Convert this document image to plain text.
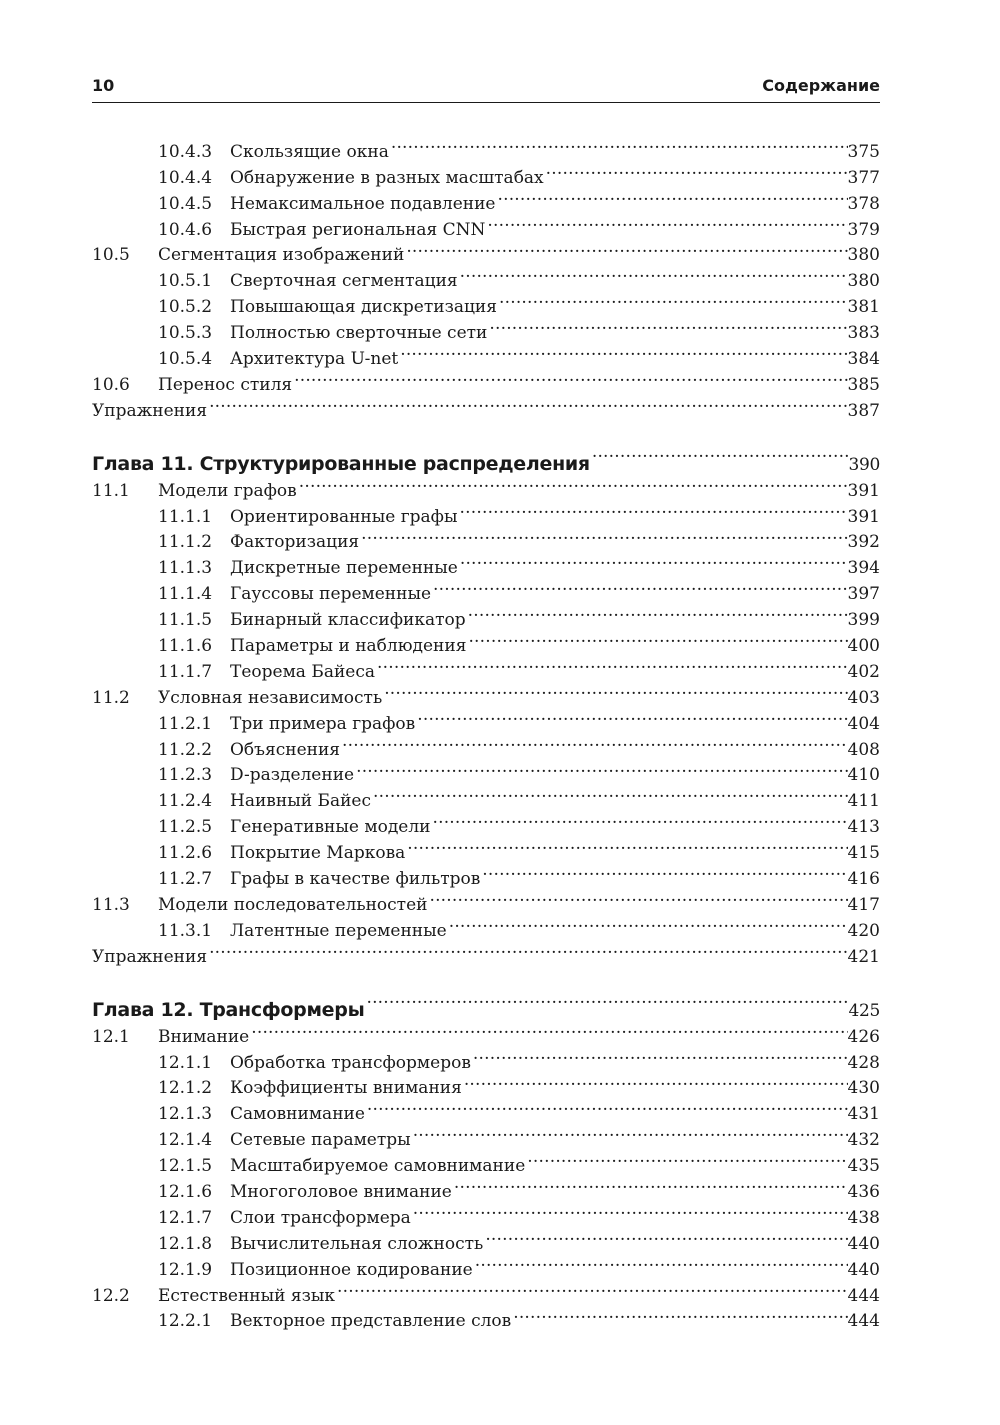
10	Содержание
10.4.3	Скользящие окна . . .	375
10.4.4	Обнаружение в разных масштабах . . .	377
10.4.5	Немаксимальное подавление . . .	378
10.4.6	Быстрая региональная CNN . . .	379
10.5	Сегментация изображений . . .	380
10.5.1	Сверточная сегментация . . .	380
10.5.2	Повышающая дискретизация . . .	381
10.5.3	Полностью сверточные сети . . .	383
10.5.4	Архитектура U-net . . .	384
10.6	Перенос стиля . . .	385
Упражнения . . .	387
Глава 11. Структурированные распределения . . .	390
11.1	Модели графов . . .	391
11.1.1	Ориентированные графы . . .	391
11.1.2	Факторизация . . .	392
11.1.3	Дискретные переменные . . .	394
11.1.4	Гауссовы переменные . . .	397
11.1.5	Бинарный классификатор . . .	399
11.1.6	Параметры и наблюдения . . .	400
11.1.7	Теорема Байеса . . .	402
11.2	Условная независимость . . .	403
11.2.1	Три примера графов . . .	404
11.2.2	Объяснения . . .	408
11.2.3	D-разделение . . .	410
11.2.4	Наивный Байес . . .	411
11.2.5	Генеративные модели . . .	413
11.2.6	Покрытие Маркова . . .	415
11.2.7	Графы в качестве фильтров . . .	416
11.3	Модели последовательностей . . .	417
11.3.1	Латентные переменные . . .	420
Упражнения . . .	421
Глава 12. Трансформеры . . .	425
12.1	Внимание . . .	426
12.1.1	Обработка трансформеров . . .	428
12.1.2	Коэффициенты внимания . . .	430
12.1.3	Самовнимание . . .	431
12.1.4	Сетевые параметры . . .	432
12.1.5	Масштабируемое самовнимание . . .	435
12.1.6	Многоголовое внимание . . .	436
12.1.7	Слои трансформера . . .	438
12.1.8	Вычислительная сложность . . .	440
12.1.9	Позиционное кодирование . . .	440
12.2	Естественный язык . . .	444
12.2.1	Векторное представление слов . . .	444
